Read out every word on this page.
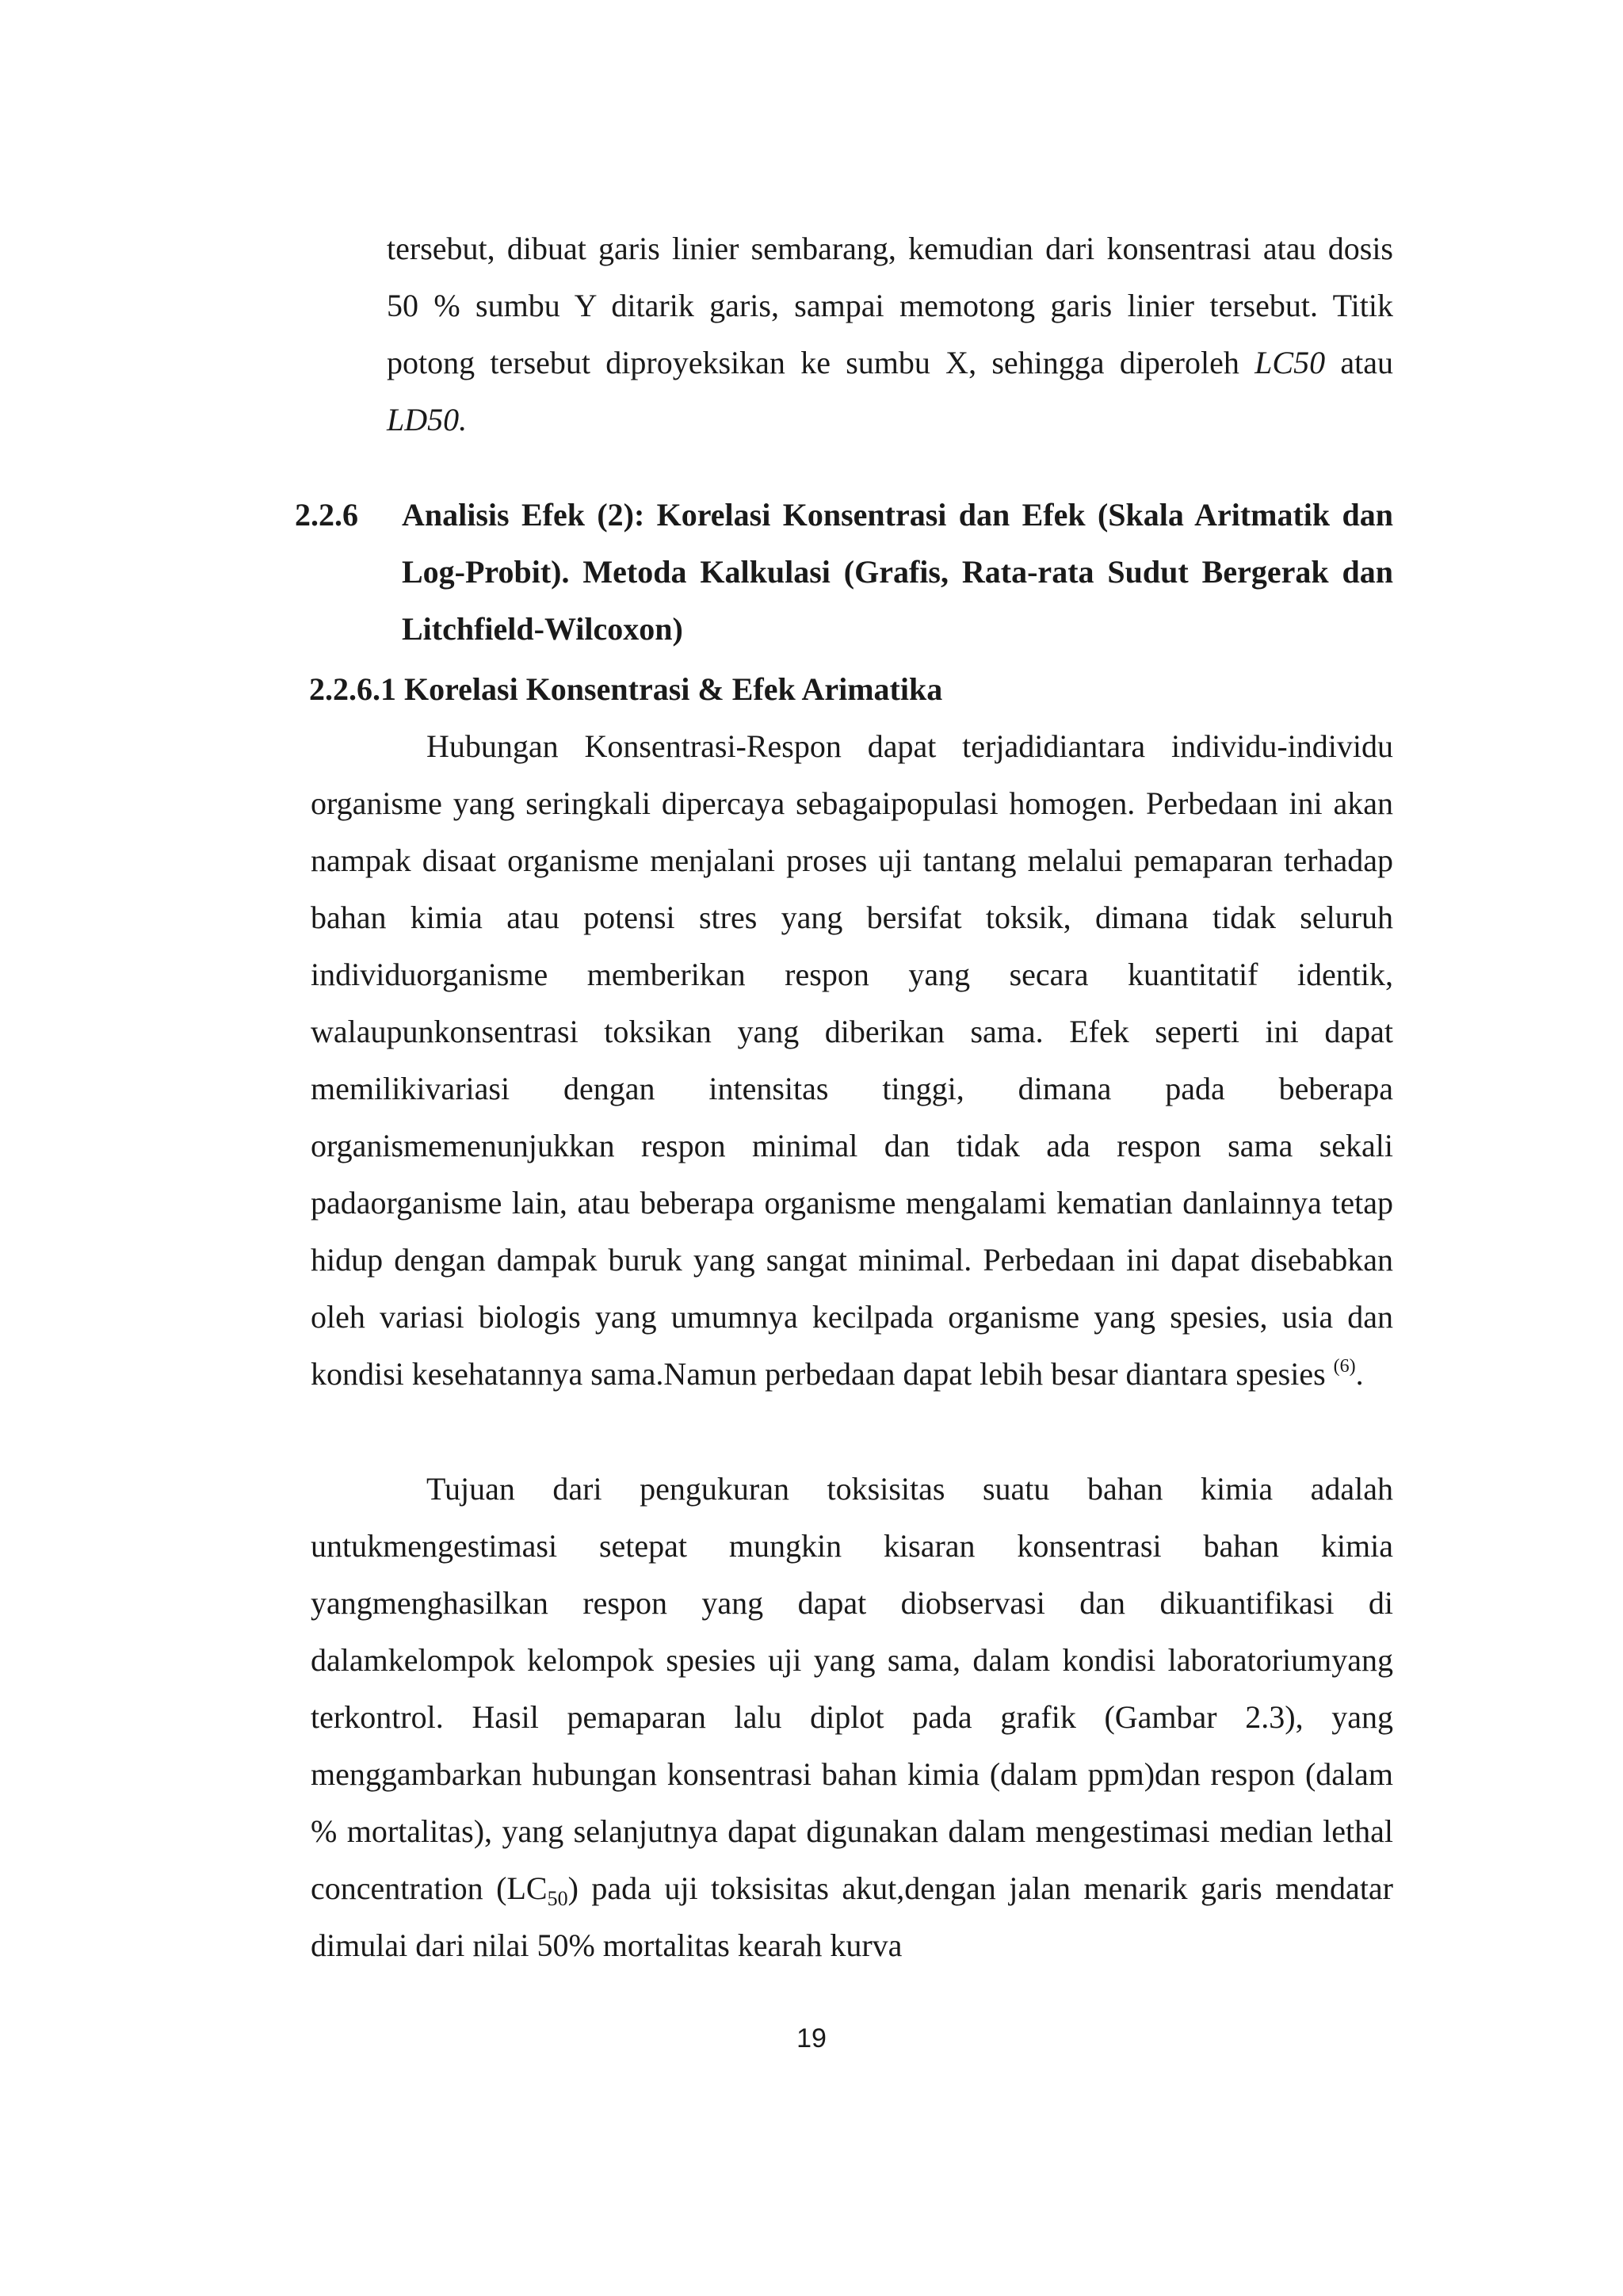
tersebut, dibuat garis linier sembarang, kemudian dari konsentrasi atau dosis 50 % sumbu Y ditarik garis, sampai memotong garis linier tersebut. Titik potong tersebut diproyeksikan ke sumbu X, sehingga diperoleh LC50 atau LD50.

2.2.6 Analisis Efek (2): Korelasi Konsentrasi dan Efek (Skala Aritmatik dan Log-Probit). Metoda Kalkulasi (Grafis, Rata-rata Sudut Bergerak dan Litchfield-Wilcoxon)

2.2.6.1 Korelasi Konsentrasi & Efek Arimatika

Hubungan Konsentrasi-Respon dapat terjadidiantara individu-individu organisme yang seringkali dipercaya sebagaipopulasi homogen. Perbedaan ini akan nampak disaat organisme menjalani proses uji tantang melalui pemaparan terhadap bahan kimia atau potensi stres yang bersifat toksik, dimana tidak seluruh individuorganisme memberikan respon yang secara kuantitatif identik, walaupunkonsentrasi toksikan yang diberikan sama. Efek seperti ini dapat memilikivariasi dengan intensitas tinggi, dimana pada beberapa organismemenunjukkan respon minimal dan tidak ada respon sama sekali padaorganisme lain, atau beberapa organisme mengalami kematian danlainnya tetap hidup dengan dampak buruk yang sangat minimal. Perbedaan ini dapat disebabkan oleh variasi biologis yang umumnya kecilpada organisme yang spesies, usia dan kondisi kesehatannya sama.Namun perbedaan dapat lebih besar diantara spesies $^{(6)}$.

Tujuan dari pengukuran toksisitas suatu bahan kimia adalah untukmengestimasi setepat mungkin kisaran konsentrasi bahan kimia yangmenghasilkan respon yang dapat diobservasi dan dikuantifikasi di dalamkelompok kelompok spesies uji yang sama, dalam kondisi laboratoriumyang terkontrol. Hasil pemaparan lalu diplot pada grafik (Gambar 2.3), yang menggambarkan hubungan konsentrasi bahan kimia (dalam ppm)dan respon (dalam % mortalitas), yang selanjutnya dapat digunakan dalam mengestimasi median lethal concentration $(LC_{50})$ pada uji toksisitas akut,dengan jalan menarik garis mendatar dimulai dari nilai 50% mortalitas kearah kurva

19
